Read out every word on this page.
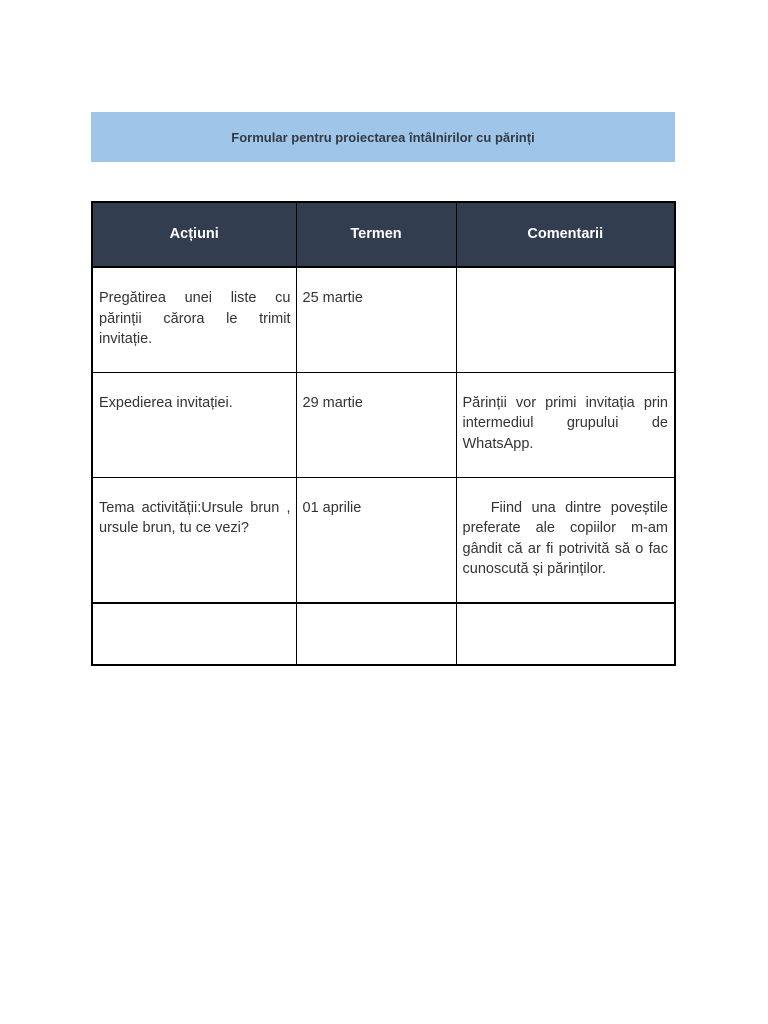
Formular pentru proiectarea întâlnirilor cu părinți
Acțiuni	Termen	Comentarii
Pregătirea unei liste cu părinții cărora le trimit invitație.	25 martie	
Expedierea invitației.	29 martie	Părinții vor primi invitația prin intermediul grupului de WhatsApp.
Tema activității:Ursule brun , ursule brun, tu ce vezi?	01 aprilie	Fiind una dintre poveștile preferate ale copiilor m-am gândit că ar fi potrivită să o fac cunoscută și părinților.
